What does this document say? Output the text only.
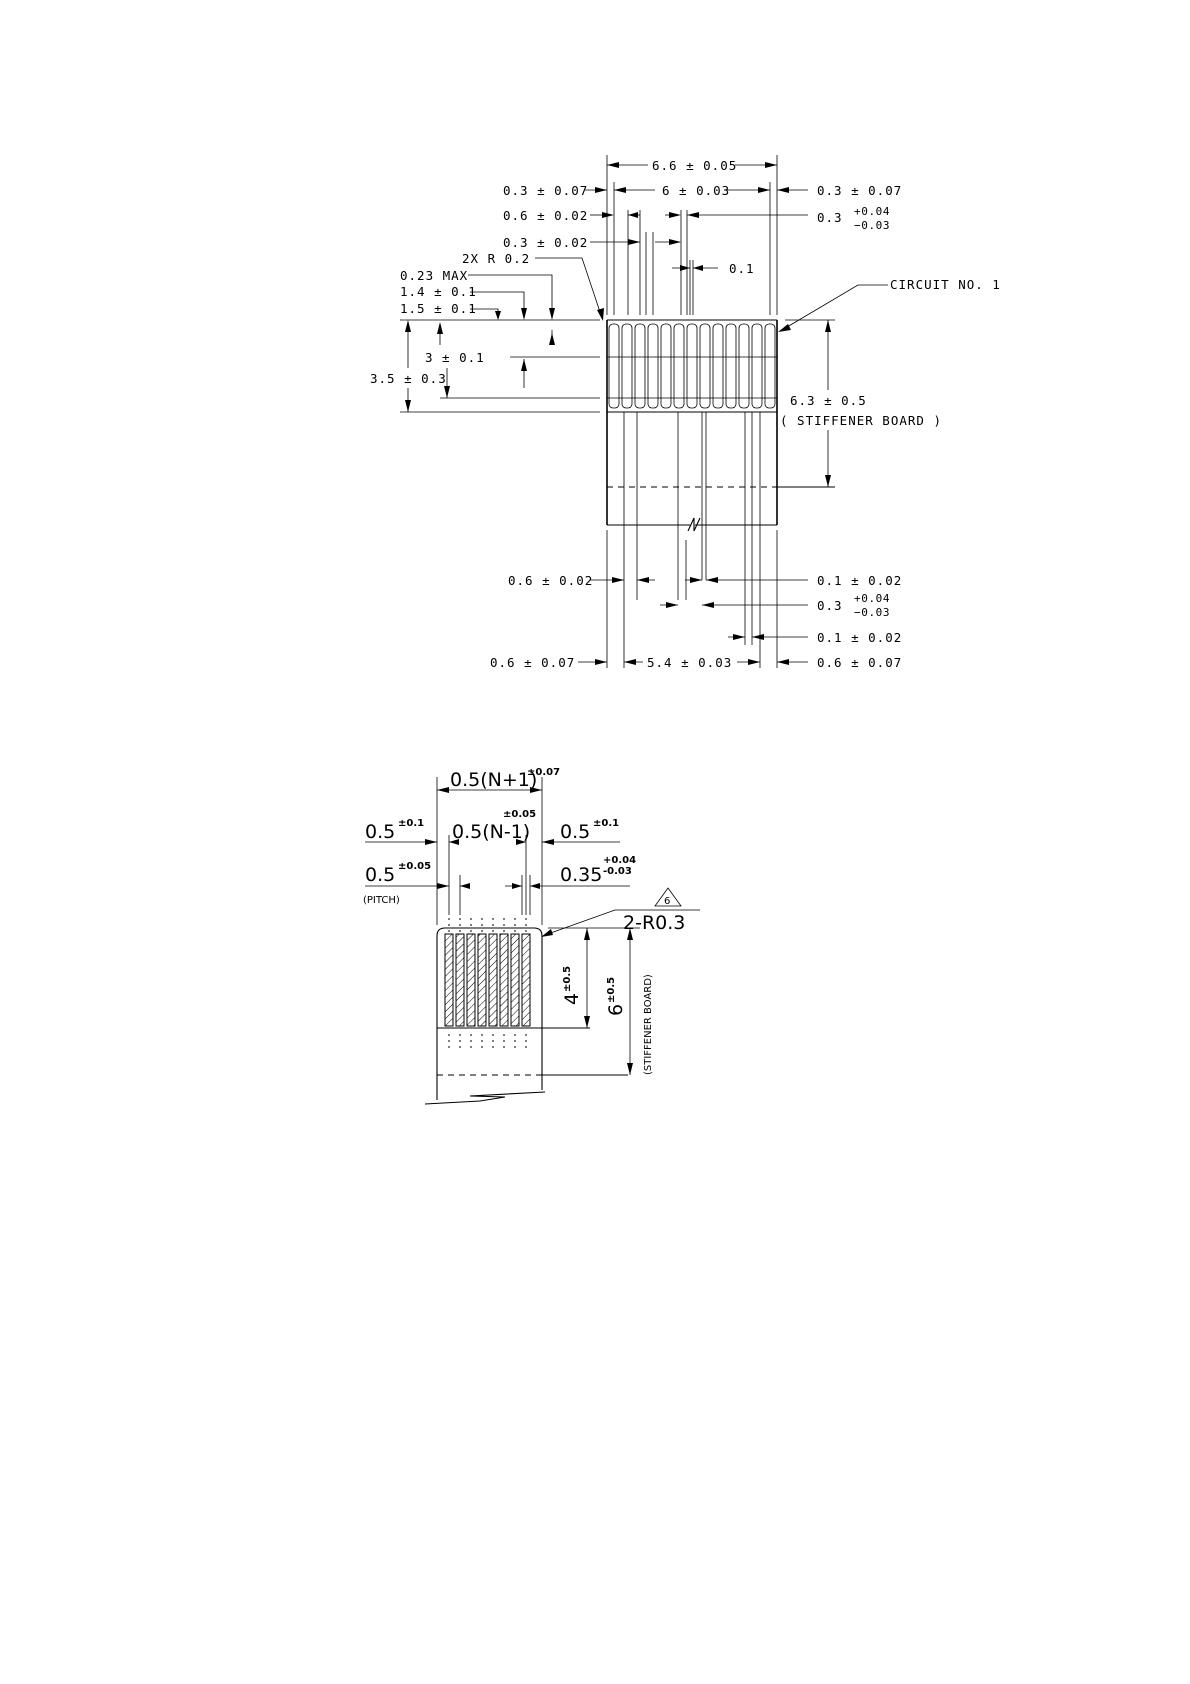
6.6 ± 0.05
6 ± 0.03
0.3 ± 0.07	0.3 ± 0.07
0.6 ± 0.02	0.3 +0.04
−0.03
0.3 ± 0.02
0.1
2X R 0.2
0.23 MAX
1.4 ± 0.1
1.5 ± 0.1
3 ± 0.1
3.5 ± 0.3
CIRCUIT NO. 1
6.3 ± 0.5
( STIFFENER BOARD )
0.6 ± 0.02	0.1 ± 0.02
0.3 +0.04
−0.03
0.1 ± 0.02
0.6 ± 0.07	5.4 ± 0.03	0.6 ± 0.07
0.5(N+1)
±0.07
0.5 ±0.1 0.5(N-1)
±0.05
0.5 ±0.1
0.5 ±0.05
(PITCH)
0.35
+0.04
-0.03
6
2-R0.3
4
±0.5
6
±0.5	(STIFFENER BOARD)
